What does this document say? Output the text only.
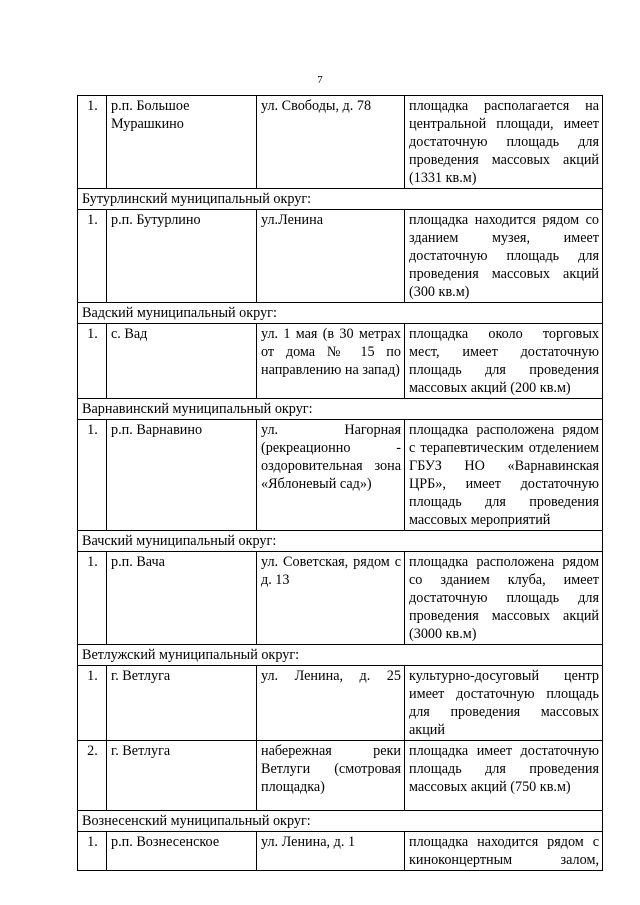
7
1.	р.п. Большое Мурашкино	ул. Свободы, д. 78	площадка располагается на центральной площади, имеет достаточную площадь для проведения массовых акций (1331 кв.м)
Бутурлинский муниципальный округ:			
1.	р.п. Бутурлино	ул.Ленина	площадка находится рядом со зданием музея, имеет достаточную площадь для проведения массовых акций (300 кв.м)
Вадский муниципальный округ:			
1.	с. Вад	ул. 1 мая (в 30 метрах от дома № 15 по направлению на запад)	площадка около торговых мест, имеет достаточную площадь для проведения массовых акций (200 кв.м)
Варнавинский муниципальный округ:			
1.	р.п. Варнавино	ул. Нагорная (рекреационно - оздоровительная зона «Яблоневый сад»)	площадка расположена рядом с терапевтическим отделением ГБУЗ НО «Варнавинская ЦРБ», имеет достаточную площадь для проведения массовых мероприятий
Вачский муниципальный округ:			
1.	р.п. Вача	ул. Советская, рядом с д. 13	площадка расположена рядом со зданием клуба, имеет достаточную площадь для проведения массовых акций (3000 кв.м)
Ветлужский муниципальный округ:			
1.	г. Ветлуга	ул. Ленина, д. 25	культурно-досуговый центр имеет достаточную площадь для проведения массовых акций
2.	г. Ветлуга	набережная реки Ветлуги (смотровая площадка)	площадка имеет достаточную площадь для проведения массовых акций (750 кв.м)
Вознесенский муниципальный округ:			
1.	р.п. Вознесенское	ул. Ленина, д. 1	площадка находится рядом с киноконцертным залом,
